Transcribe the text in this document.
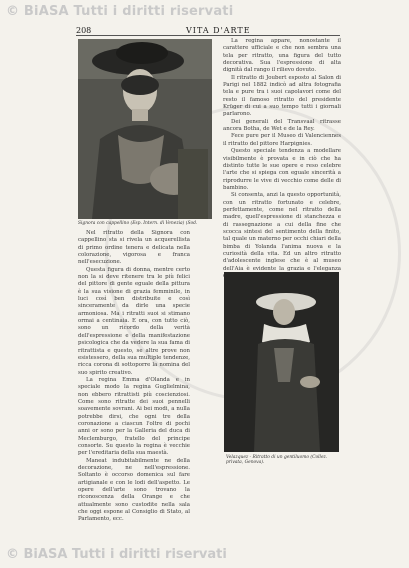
© BiASA Tutti i diritti riservati
208	VITA D'ARTE
Signora con cappellino (Esp. Intern. di Venezia) (Sod.

Nel ritratto della Signora con cappellino sta si rivela un acquerellista di primo ordine tenera e delicata nella colorazione, vigorosa e franca nell'esecuzione.

Questa figura di donna, mentre certo non la si deve ritenere tra le più felici del pittore di gente eguale della pittura è la sua visione di grazia femminile, in luci così ben distribuite e così sinceramente da dirle una specie armoniosa. Ma i ritratti suoi si stimano ormai a centinaia. E ora, con tutto ciò, sono un ricordo della verità dell'espressione e della manifestazione psicologica che da vedere la sua fama di ritrattista e questo, se altre prove non esistessero, della sua multiple tendenze, ricca corona di sottoporre la nomina del suo spirito creativo.

La regina Emma d'Olanda e in speciale modo la regina Guglielmina, non ebbero ritrattisti più coscienziosi. Come sono ritratte dei suoi pennelli soavemente sovrani. Ai bei modi, a nulla potrebbe dirsi, che ogni tre della coronazione a ciascun l'oltre di pochi anni or sono per la Galleria del duca di Meclemburgo, fratello del principe consorte. Su questo la regina è vecchie per l'ereditaria della sua maestà.

Maneat indubitabilmente ne della decorazione, ne nell'espressione. Soltanto è occorso domenica sul fare artigianale e con le lodi dell'aspetto. Le opere dell'arte sono trovano la riconoscenza della Orange e che attualmente sono custodite nella sala che oggi espone al Consiglio di Stato, al Parlamento, ecc.

La regina appare, nonostante il carattere ufficiale e che non sembra una tela per ritratto, una figura del tutto decorativa. Sua l'espressione di alta dignità dal rango il rilievo dovuto.

Il ritratto di Joubert esposto al Salon di Parigi nel 1882 indicò ad altra fotografia tela e pure tra i suoi capolavori come del resto il famoso ritratto del presidente Krüger di cui a suo tempo tutti i giornali parlarono.

Dei generali del Transvaal ritrasse ancora Botha, de Wet e de la Rey.

Fece pure per il Museo di Valenciennes il ritratto del pittore Harpignies.

Questo speciale tendenza a modellare visibilmente è provata e in ciò che ha distinto tutte le sue opere e reso celebre l'arte che si spiega con eguale sincerità a riprodurre le vive di vecchio come delle di bambino.

Si consenta, anzi la questo opportunità, con un ritratto fortunato e celebre, perfettamente, come nel ritratto della madre, quell'espressione di stanchezza e di rassegnazione a cui della fine che scocca sintesi del sentimento della finito, tal quale un materno per occhi chiari della bimba di Yolanda l'anima nuova e la curiosità della vita. Ed un altro ritratto d'adolescente inglese che è al museo dell'Aia è evidente la grazia e l'eleganza

Velazquez - Ritratto di un gentiluomo (Collez. privata, Genova).
© BiASA Tutti i diritti riservati
